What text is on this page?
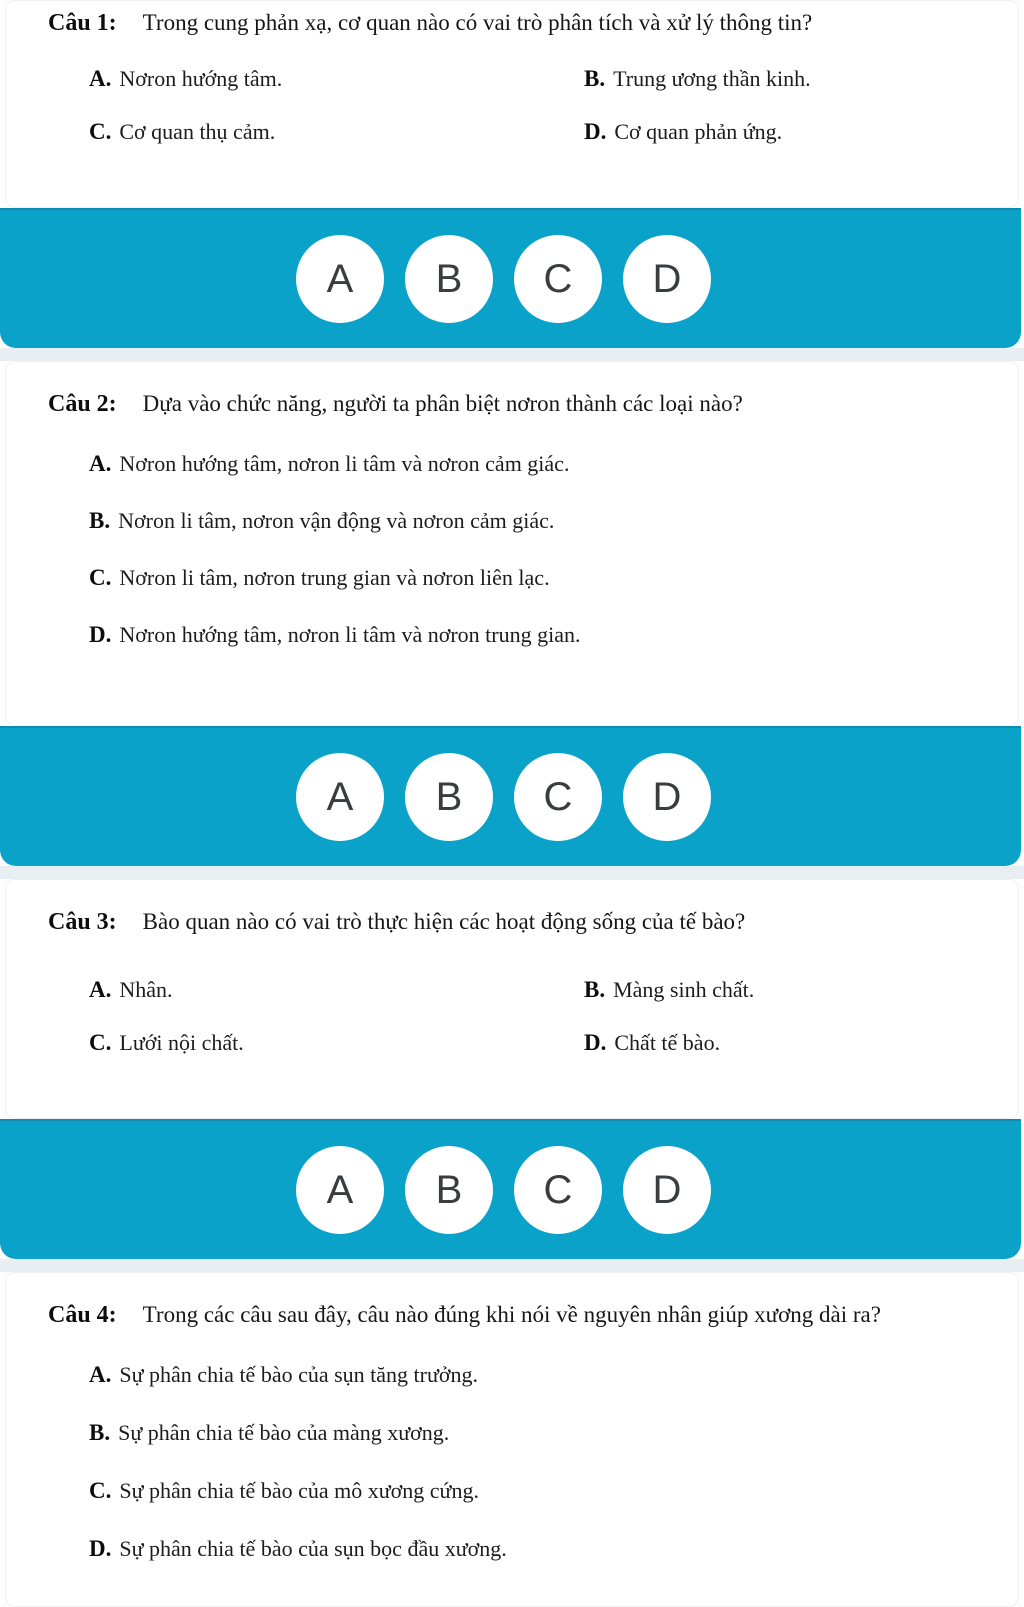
Câu 1: Trong cung phản xạ, cơ quan nào có vai trò phân tích và xử lý thông tin?
A. Nơron hướng tâm.	B. Trung ương thần kinh.
C. Cơ quan thụ cảm.	D. Cơ quan phản ứng.
A	B	C	D
Câu 2: Dựa vào chức năng, người ta phân biệt nơron thành các loại nào?
A. Nơron hướng tâm, nơron li tâm và nơron cảm giác.
B. Nơron li tâm, nơron vận động và nơron cảm giác.
C. Nơron li tâm, nơron trung gian và nơron liên lạc.
D. Nơron hướng tâm, nơron li tâm và nơron trung gian.
A	B	C	D
Câu 3: Bào quan nào có vai trò thực hiện các hoạt động sống của tế bào?
A. Nhân.	B. Màng sinh chất.
C. Lưới nội chất.	D. Chất tế bào.
A	B	C	D
Câu 4: Trong các câu sau đây, câu nào đúng khi nói về nguyên nhân giúp xương dài ra?
A. Sự phân chia tế bào của sụn tăng trưởng.
B. Sự phân chia tế bào của màng xương.
C. Sự phân chia tế bào của mô xương cứng.
D. Sự phân chia tế bào của sụn bọc đầu xương.
